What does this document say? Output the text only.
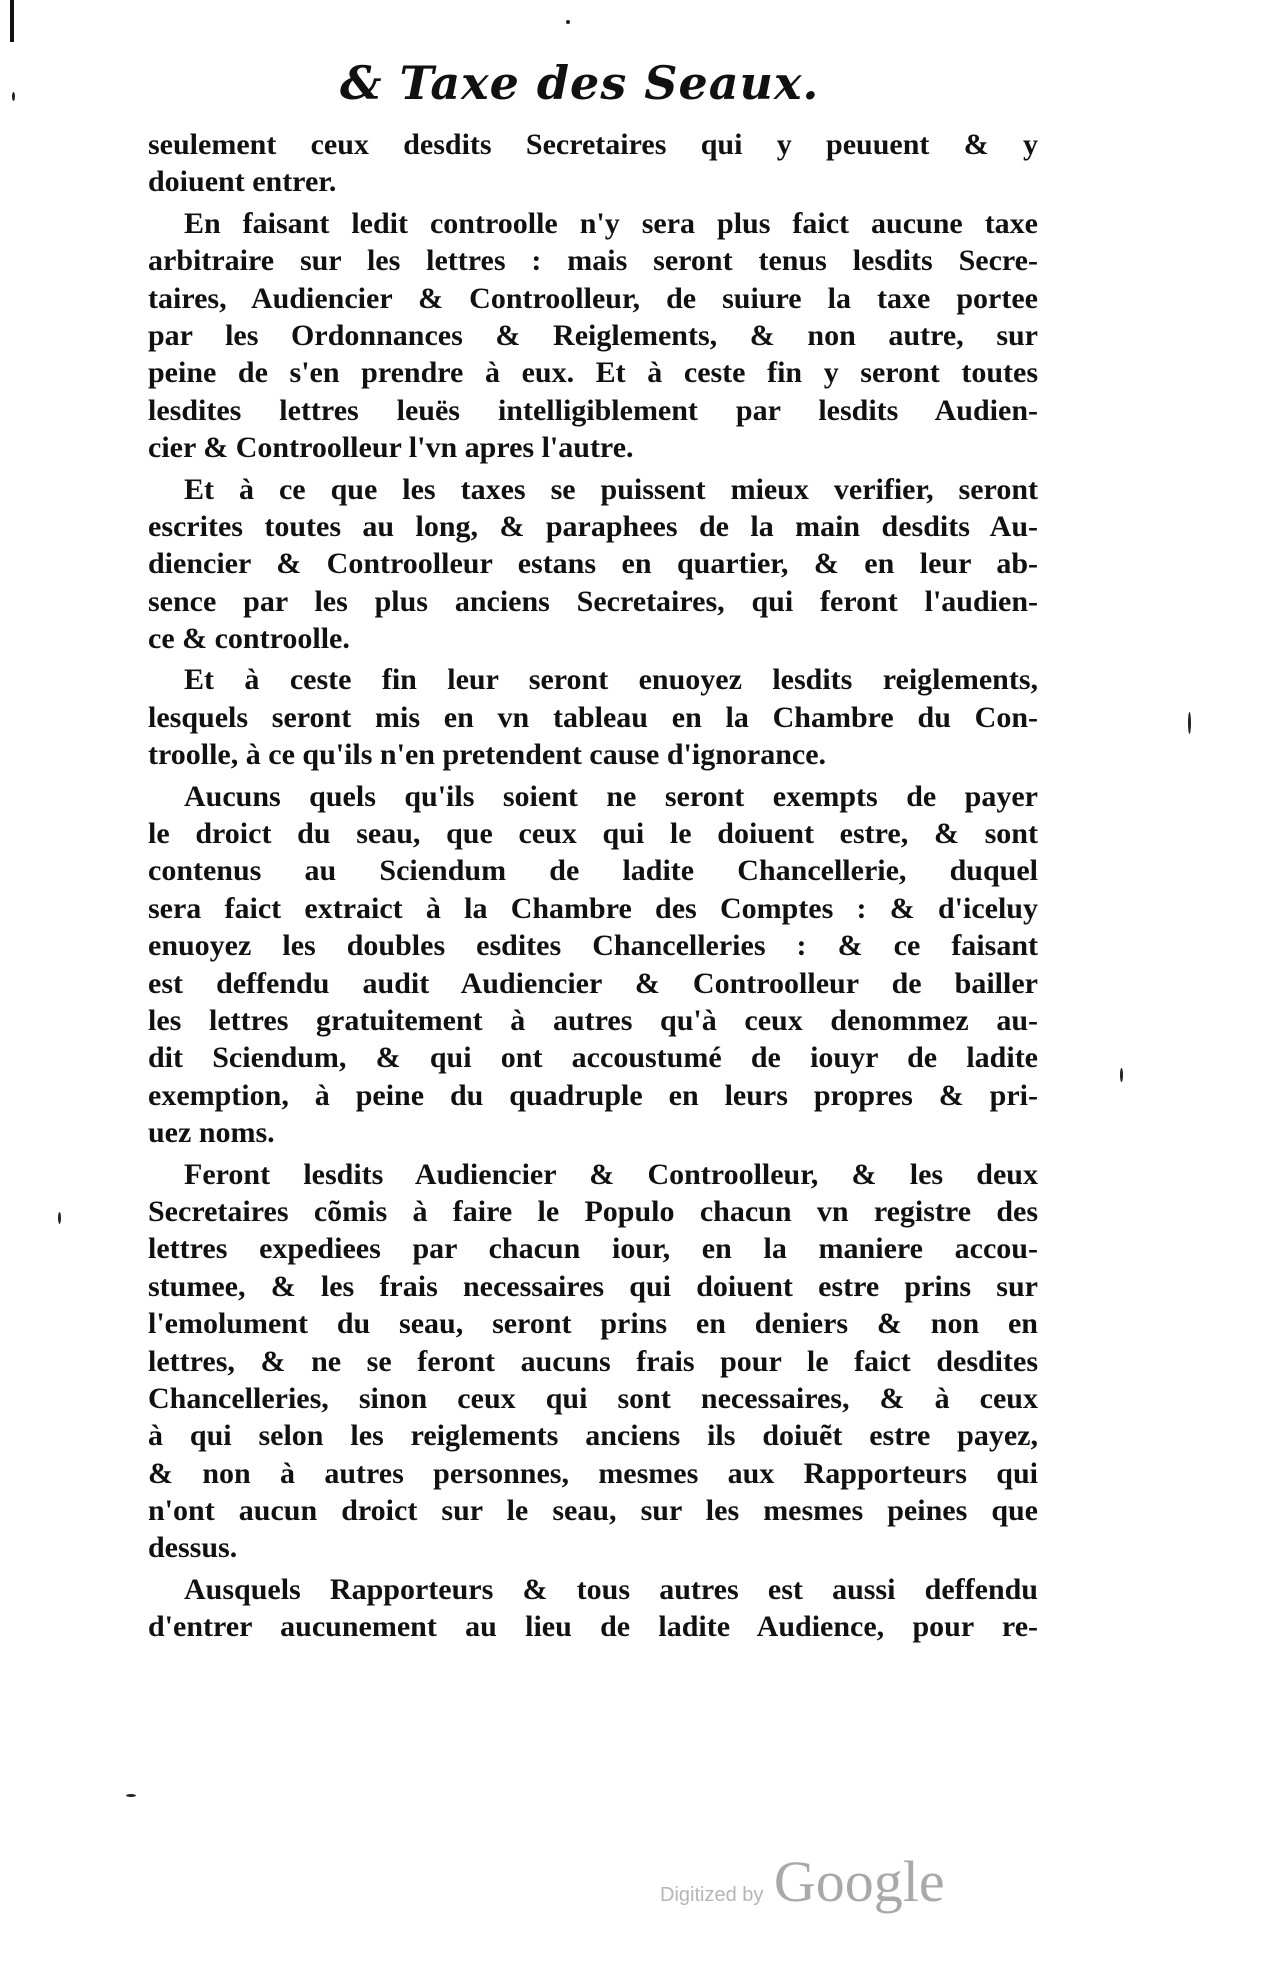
& Taxe des Seaux.
seulement ceux desdits Secretaires qui y peuuent & y
doiuent entrer.
En faisant ledit controolle n'y sera plus faict aucune taxe
arbitraire sur les lettres : mais seront tenus lesdits Secre-
taires, Audiencier & Controolleur, de suiure la taxe portee
par les Ordonnances & Reiglements, & non autre, sur
peine de s'en prendre à eux. Et à ceste fin y seront toutes
lesdites lettres leuës intelligiblement par lesdits Audien-
cier & Controolleur l'vn apres l'autre.
Et à ce que les taxes se puissent mieux verifier, seront
escrites toutes au long, & paraphees de la main desdits Au-
diencier & Controolleur estans en quartier, & en leur ab-
sence par les plus anciens Secretaires, qui feront l'audien-
ce & controolle.
Et à ceste fin leur seront enuoyez lesdits reiglements,
lesquels seront mis en vn tableau en la Chambre du Con-
troolle, à ce qu'ils n'en pretendent cause d'ignorance.
Aucuns quels qu'ils soient ne seront exempts de payer
le droict du seau, que ceux qui le doiuent estre, & sont
contenus au Sciendum de ladite Chancellerie, duquel
sera faict extraict à la Chambre des Comptes : & d'iceluy
enuoyez les doubles esdites Chancelleries : & ce faisant
est deffendu audit Audiencier & Controolleur de bailler
les lettres gratuitement à autres qu'à ceux denommez au-
dit Sciendum, & qui ont accoustumé de iouyr de ladite
exemption, à peine du quadruple en leurs propres & pri-
uez noms.
Feront lesdits Audiencier & Controolleur, & les deux
Secretaires cõmis à faire le Populo chacun vn registre des
lettres expediees par chacun iour, en la maniere accou-
stumee, & les frais necessaires qui doiuent estre prins sur
l'emolument du seau, seront prins en deniers & non en
lettres, & ne se feront aucuns frais pour le faict desdites
Chancelleries, sinon ceux qui sont necessaires, & à ceux
à qui selon les reiglements anciens ils doiuẽt estre payez,
& non à autres personnes, mesmes aux Rapporteurs qui
n'ont aucun droict sur le seau, sur les mesmes peines que
dessus.
Ausquels Rapporteurs & tous autres est aussi deffendu
d'entrer aucunement au lieu de ladite Audience, pour re-
Digitized by Google
